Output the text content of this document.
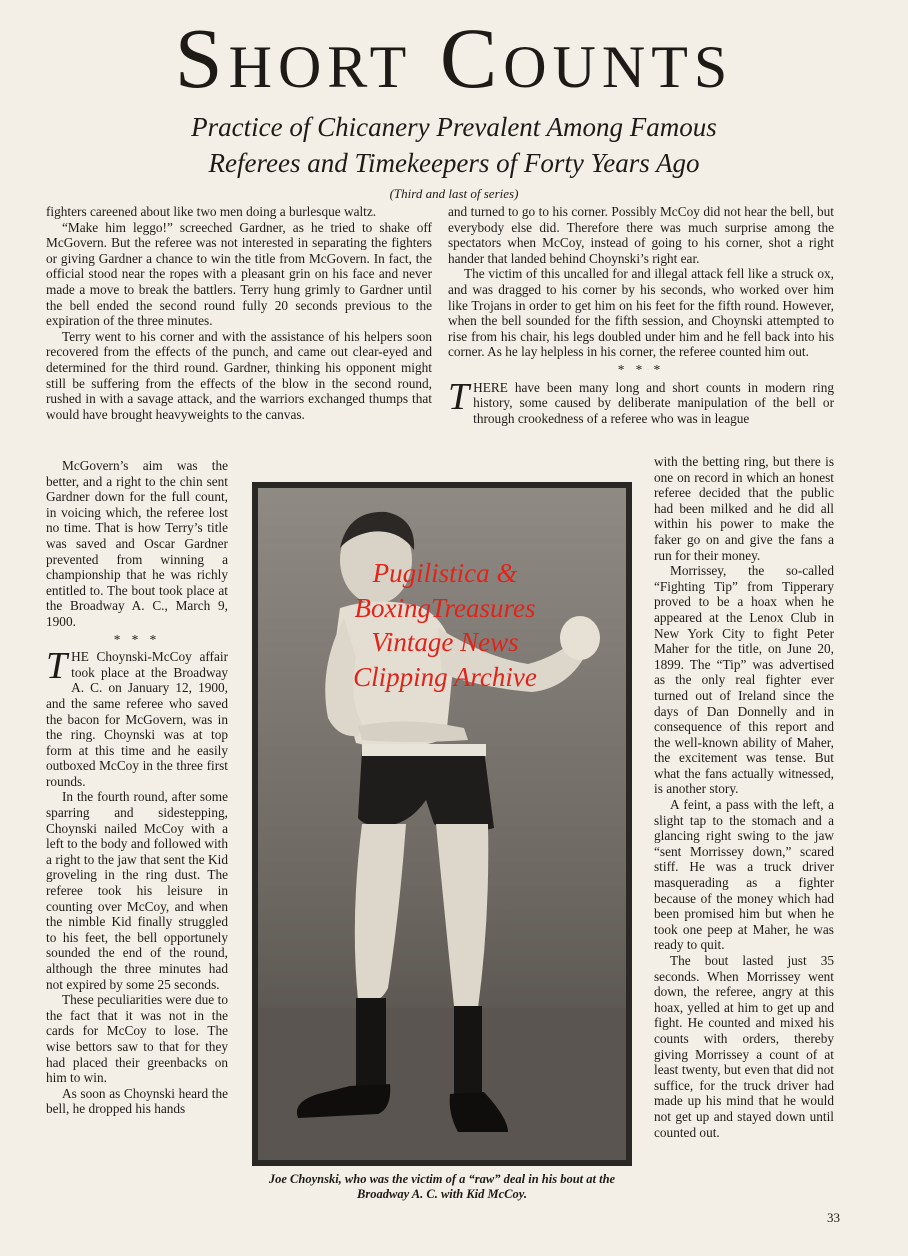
Short Counts

Practice of Chicanery Prevalent Among Famous

Referees and Timekeepers of Forty Years Ago

(Third and last of series)

fighters careened about like two men doing a burlesque waltz.

“Make him leggo!” screeched Gardner, as he tried to shake off McGovern. But the referee was not interested in separating the fighters or giving Gardner a chance to win the title from McGovern. In fact, the official stood near the ropes with a pleasant grin on his face and never made a move to break the battlers. Terry hung grimly to Gardner until the bell ended the second round fully 20 seconds previous to the expiration of the three minutes.

Terry went to his corner and with the assistance of his helpers soon recovered from the effects of the punch, and came out clear-eyed and determined for the third round. Gardner, thinking his opponent might still be suffering from the effects of the blow in the second round, rushed in with a savage attack, and the warriors exchanged thumps that would have brought heavyweights to the canvas.

and turned to go to his corner. Possibly McCoy did not hear the bell, but everybody else did. Therefore there was much surprise among the spectators when McCoy, instead of going to his corner, shot a right hander that landed behind Choynski’s right ear.

The victim of this uncalled for and illegal attack fell like a struck ox, and was dragged to his corner by his seconds, who worked over him like Trojans in order to get him on his feet for the fifth round. However, when the bell sounded for the fifth session, and Choynski attempted to rise from his chair, his legs doubled under him and he fell back into his corner. As he lay helpless in his corner, the referee counted him out.

* * *

THERE have been many long and short counts in modern ring history, some caused by deliberate manipulation of the bell or through crookedness of a referee who was in league

McGovern’s aim was the better, and a right to the chin sent Gardner down for the full count, in voicing which, the referee lost no time. That is how Terry’s title was saved and Oscar Gardner prevented from winning a championship that he was richly entitled to. The bout took place at the Broadway A. C., March 9, 1900.

* * *

THE Choynski-McCoy affair took place at the Broadway A. C. on January 12, 1900, and the same referee who saved the bacon for McGovern, was in the ring. Choynski was at top form at this time and he easily outboxed McCoy in the three first rounds.

In the fourth round, after some sparring and sidestepping, Choynski nailed McCoy with a left to the body and followed with a right to the jaw that sent the Kid groveling in the ring dust. The referee took his leisure in counting over McCoy, and when the nimble Kid finally struggled to his feet, the bell opportunely sounded the end of the round, although the three minutes had not expired by some 25 seconds.

These peculiarities were due to the fact that it was not in the cards for McCoy to lose. The wise bettors saw to that for they had placed their greenbacks on him to win.

As soon as Choynski heard the bell, he dropped his hands

Pugilistica &
BoxingTreasures
Vintage News
Clipping Archive
Joe Choynski, who was the victim of a “raw” deal in his bout at the Broadway A. C. with Kid McCoy.

with the betting ring, but there is one on record in which an honest referee decided that the public had been milked and he did all within his power to make the faker go on and give the fans a run for their money.

Morrissey, the so-called “Fighting Tip” from Tipperary proved to be a hoax when he appeared at the Lenox Club in New York City to fight Peter Maher for the title, on June 20, 1899. The “Tip” was advertised as the only real fighter ever turned out of Ireland since the days of Dan Donnelly and in consequence of this report and the well-known ability of Maher, the excitement was tense. But what the fans actually witnessed, is another story.

A feint, a pass with the left, a slight tap to the stomach and a glancing right swing to the jaw “sent Morrissey down,” scared stiff. He was a truck driver masquerading as a fighter because of the money which had been promised him but when he took one peep at Maher, he was ready to quit.

The bout lasted just 35 seconds. When Morrissey went down, the referee, angry at this hoax, yelled at him to get up and fight. He counted and mixed his counts with orders, thereby giving Morrissey a count of at least twenty, but even that did not suffice, for the truck driver had made up his mind that he would not get up and stayed down until counted out.

33
